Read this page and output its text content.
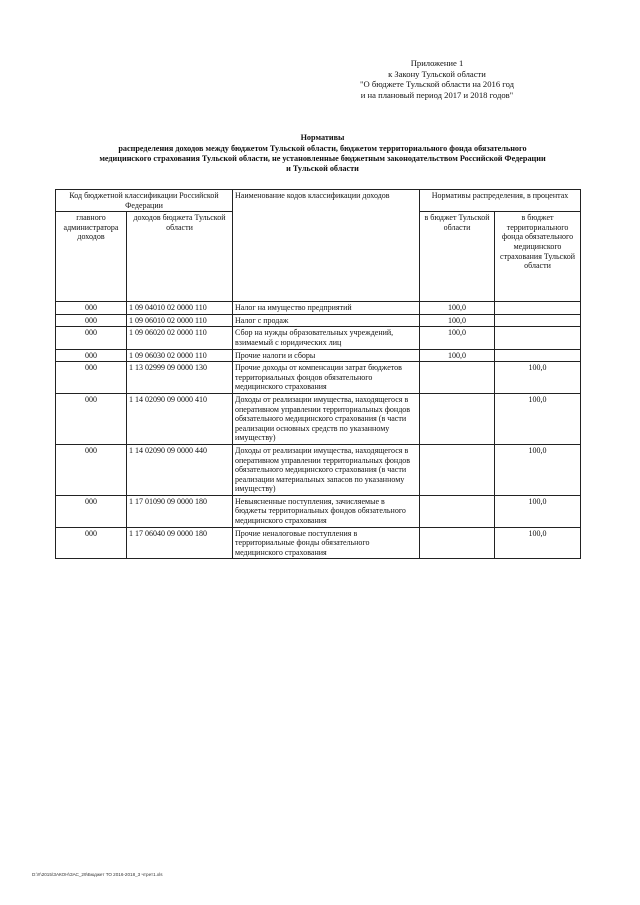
Приложение 1
к Закону Тульской области
"О бюджете Тульской области на 2016 год
и на плановый период 2017 и 2018 годов"
Нормативы
распределения доходов между бюджетом Тульской области, бюджетом территориального фонда обязательного
медицинского страхования Тульской области, не установленные бюджетным законодательством Российской Федерации
и Тульской области
Код бюджетной классификации Российской Федерации		Наименование кодов классификации доходов	Нормативы распределения, в процентах	
главного администратора доходов	доходов бюджета Тульской области		в бюджет Тульской области	в бюджет территориального фонда обязательного медицинского страхования Тульской области
000	1 09 04010 02 0000 110	Налог на имущество предприятий	100,0	
000	1 09 06010 02 0000 110	Налог с продаж	100,0	
000	1 09 06020 02 0000 110	Сбор на нужды образовательных учреждений, взимаемый с юридических лиц	100,0	
000	1 09 06030 02 0000 110	Прочие налоги и сборы	100,0	
000	1 13 02999 09 0000 130	Прочие доходы от компенсации затрат бюджетов территориальных фондов обязательного медицинского страхования		100,0
000	1 14 02090 09 0000 410	Доходы от реализации имущества, находящегося в оперативном управлении территориальных фондов обязательного медицинского страхования (в части реализации основных средств по указанному имуществу)		100,0
000	1 14 02090 09 0000 440	Доходы от реализации имущества, находящегося в оперативном управлении территориальных фондов обязательного медицинского страхования (в части реализации материальных запасов по указанному имуществу)		100,0
000	1 17 01090 09 0000 180	Невыясненные поступления, зачисляемые в бюджеты территориальных фондов обязательного медицинского страхования		100,0
000	1 17 06040 09 0000 180	Прочие неналоговые поступления в территориальные фонды обязательного медицинского страхования		100,0
D:\!!\2015\ЗАКОН\ЗАС_29\Бюджет ТО 2016-2018_3 чтрет1.xls
